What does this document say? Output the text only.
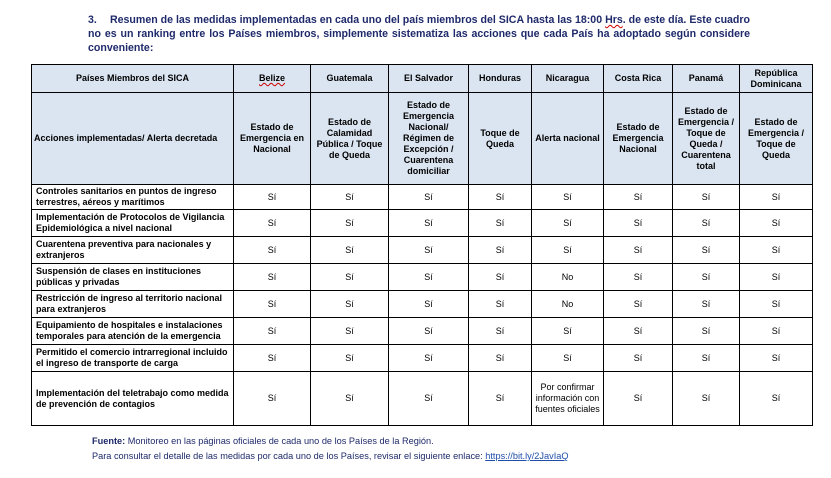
3. Resumen de las medidas implementadas en cada uno del país miembros del SICA hasta las 18:00 Hrs. de este día. Este cuadro no es un ranking entre los Países miembros, simplemente sistematiza las acciones que cada País ha adoptado según considere conveniente:
Países Miembros del SICA	Belize	Guatemala	El Salvador	Honduras	Nicaragua	Costa Rica	Panamá	República Dominicana
Acciones implementadas/ Alerta decretada	Estado de Emergencia en Nacional	Estado de Calamidad Pública / Toque de Queda	Estado de Emergencia Nacional/ Régimen de Excepción / Cuarentena domiciliar	Toque de Queda	Alerta nacional	Estado de Emergencia Nacional	Estado de Emergencia / Toque de Queda / Cuarentena total	Estado de Emergencia / Toque de Queda
Controles sanitarios en puntos de ingreso terrestres, aéreos y marítimos	Sí	Sí	Sí	Sí	Sí	Sí	Sí	Sí
Implementación de Protocolos de Vigilancia Epidemiológica a nivel nacional	Sí	Sí	Sí	Sí	Sí	Sí	Sí	Sí
Cuarentena preventiva para nacionales y extranjeros	Sí	Sí	Sí	Sí	Sí	Sí	Sí	Sí
Suspensión de clases en instituciones públicas y privadas	Sí	Sí	Sí	Sí	No	Sí	Sí	Sí
Restricción de ingreso al territorio nacional para extranjeros	Sí	Sí	Sí	Sí	No	Sí	Sí	Sí
Equipamiento de hospitales e instalaciones temporales para atención de la emergencia	Sí	Sí	Sí	Sí	Sí	Sí	Sí	Sí
Permitido el comercio intrarregional incluido el ingreso de transporte de carga	Sí	Sí	Sí	Sí	Sí	Sí	Sí	Sí
Implementación del teletrabajo como medida de prevención de contagios	Sí	Sí	Sí	Sí	Por confirmar información con fuentes oficiales	Sí	Sí	Sí
Fuente: Monitoreo en las páginas oficiales de cada uno de los Países de la Región.
Para consultar el detalle de las medidas por cada uno de los Países, revisar el siguiente enlace: https://bit.ly/2JavIaQ
